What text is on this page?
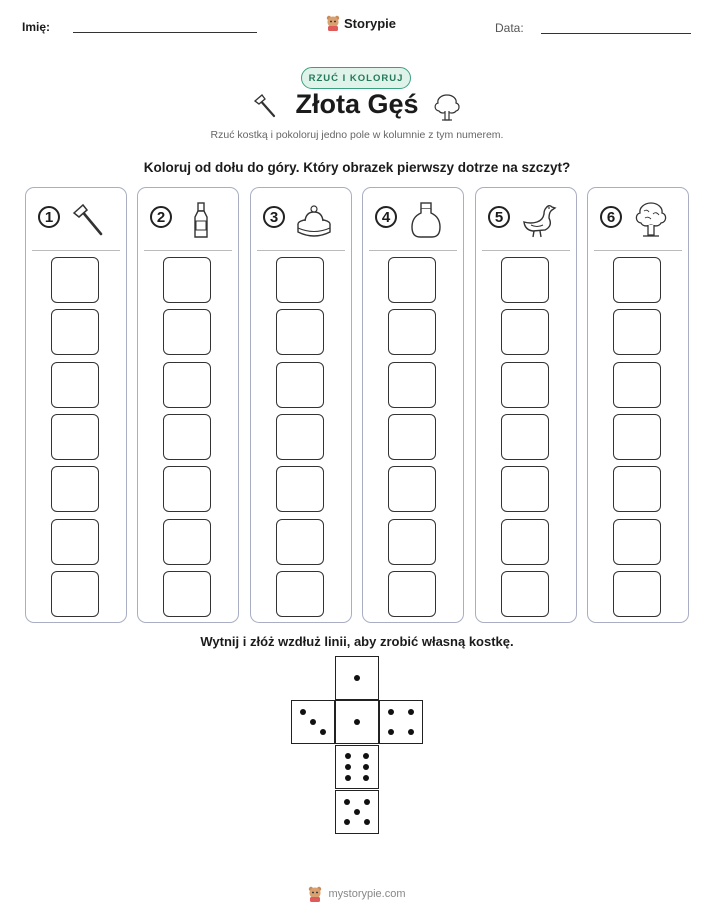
Imię:	Storypie	Data:
RZUĆ I KOLORUJ
Złota Gęś
Rzuć kostką i pokoloruj jedno pole w kolumnie z tym numerem.
Koloruj od dołu do góry. Który obrazek pierwszy dotrze na szczyt?
1	2	3	4	5	6
Wytnij i złóż wzdłuż linii, aby zrobić własną kostkę.
mystorypie.com
